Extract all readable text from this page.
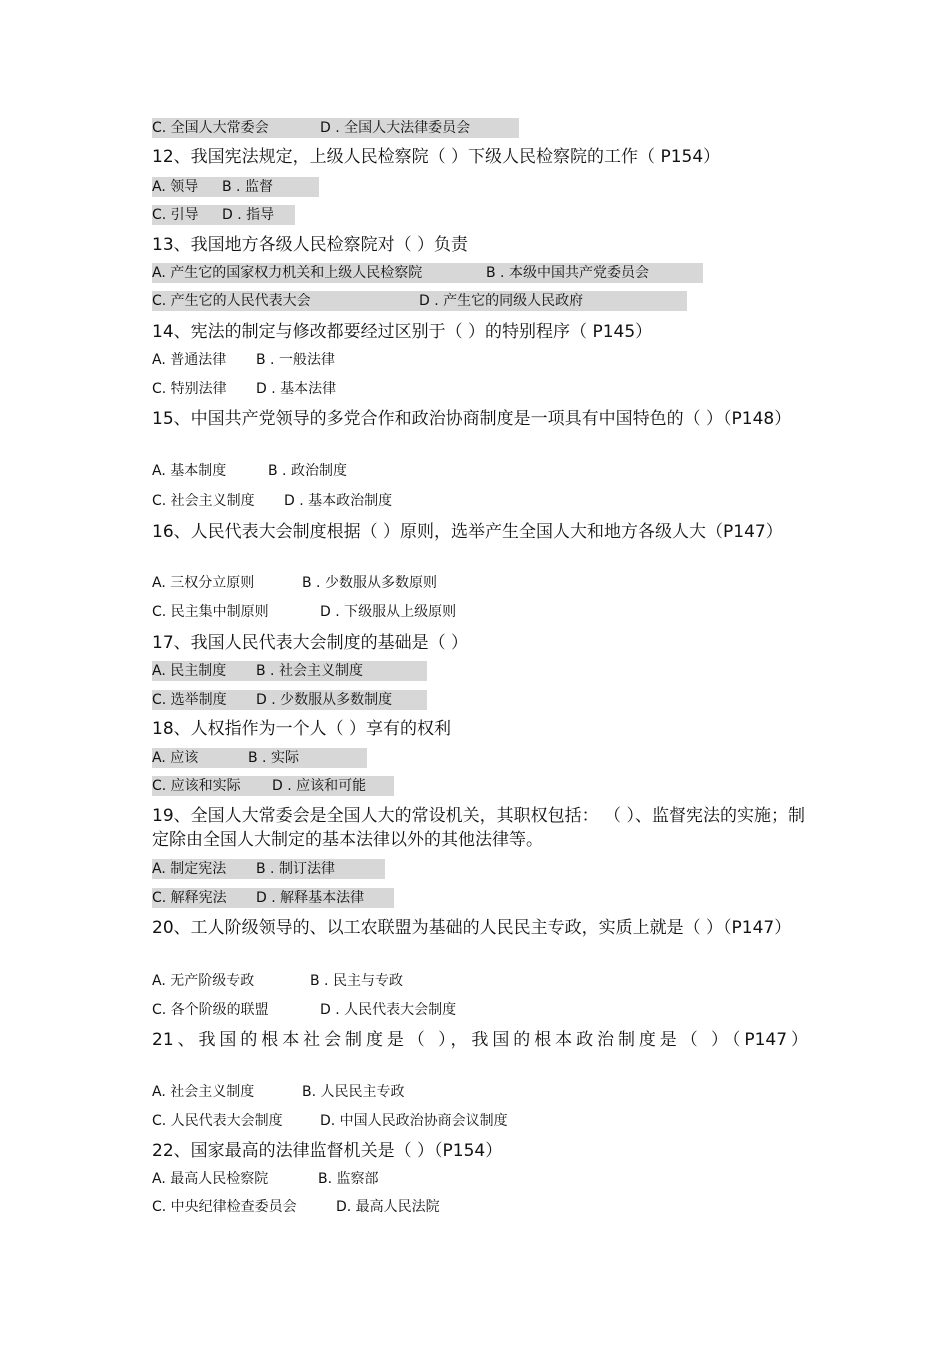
C. 全国人大常委会	D . 全国人大法律委员会
12、我国宪法规定，上级人民检察院（ ）下级人民检察院的工作（ P154）
A. 领导 B . 监督
C. 引导 D . 指导
13、我国地方各级人民检察院对（ ）负责
A. 产生它的国家权力机关和上级人民检察院	B . 本级中国共产党委员会
C. 产生它的人民代表大会	D . 产生它的同级人民政府
14、宪法的制定与修改都要经过区别于（ ）的特别程序（ P145）
A. 普通法律 B . 一般法律
C. 特别法律 D . 基本法律
15、中国共产党领导的多党合作和政治协商制度是一项具有中国特色的（ ）（P148）
A. 基本制度	B . 政治制度
C. 社会主义制度 D . 基本政治制度
16、人民代表大会制度根据（ ）原则，选举产生全国人大和地方各级人大（P147）
A. 三权分立原则	B . 少数服从多数原则
C. 民主集中制原则	D . 下级服从上级原则
17、我国人民代表大会制度的基础是（ ）
A. 民主制度 B . 社会主义制度
C. 选举制度 D . 少数服从多数制度
18、人权指作为一个人（ ）享有的权利
A. 应该	B . 实际
C. 应该和实际 D . 应该和可能
19、全国人大常委会是全国人大的常设机关，其职权包括： （ ）、监督宪法的实施；制定除由全国人大制定的基本法律以外的其他法律等。
A. 制定宪法 B . 制订法律
C. 解释宪法 D . 解释基本法律
20、工人阶级领导的、以工农联盟为基础的人民民主专政，实质上就是（ ）（P147）
A. 无产阶级专政	B . 民主与专政
C. 各个阶级的联盟	D . 人民代表大会制度
21、我国的根本社会制度是（ ），我国的根本政治制度是（ ）（P147）
A. 社会主义制度	B. 人民民主专政
C. 人民代表大会制度	D. 中国人民政治协商会议制度
22、国家最高的法律监督机关是（ ）（P154）
A. 最高人民检察院	B. 监察部
C. 中央纪律检查委员会	D. 最高人民法院
